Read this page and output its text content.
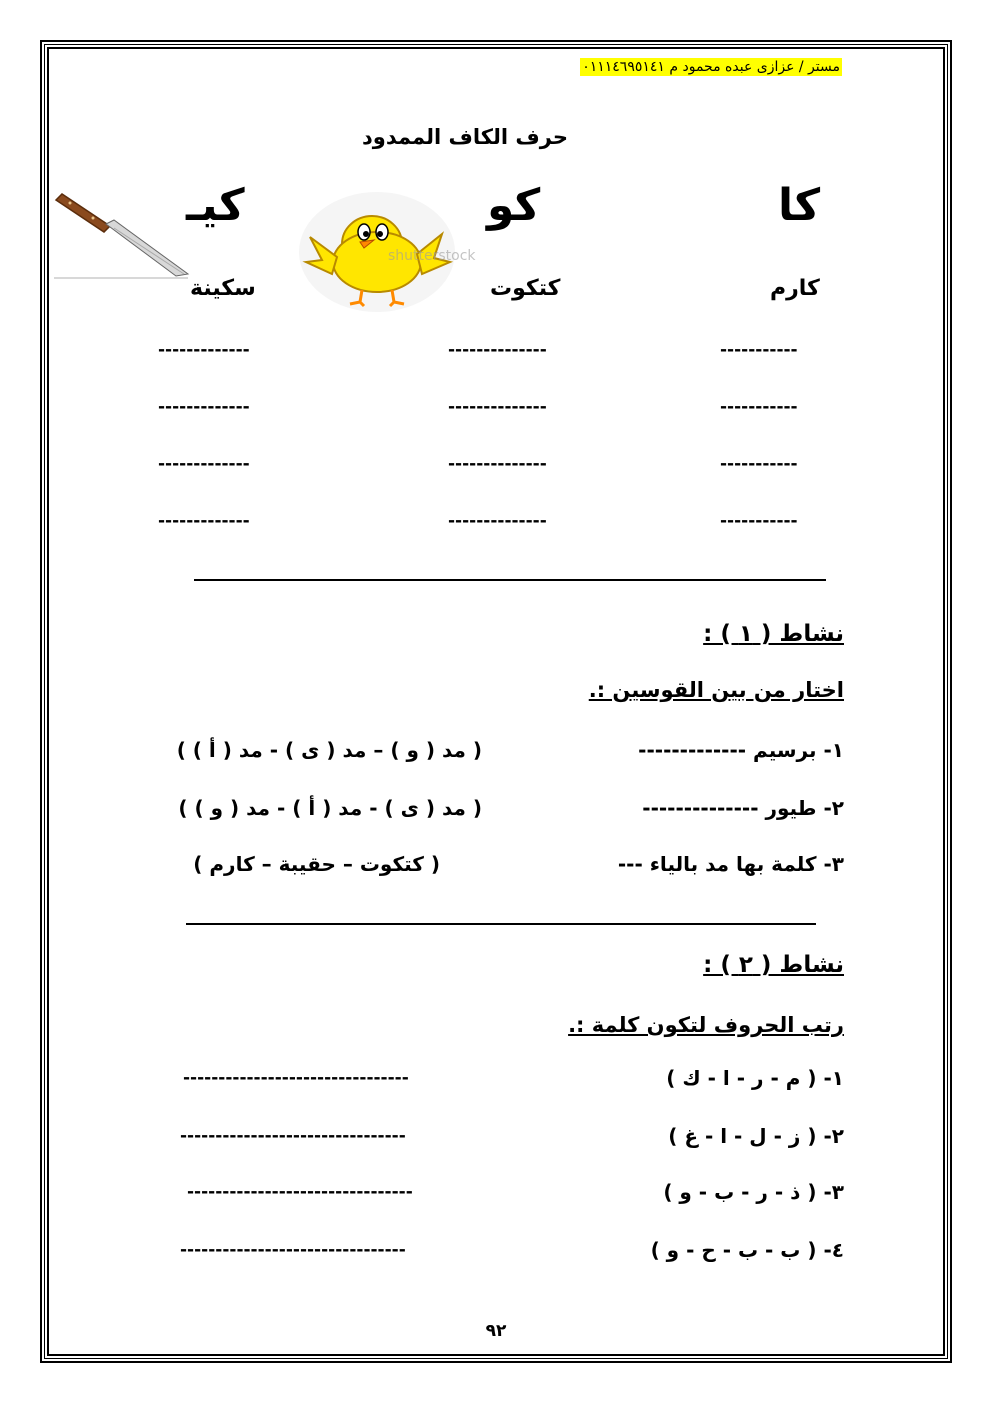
مستر / عزازى عبده محمود م ٠١١١٤٦٩٥١٤١
حرف الكاف الممدود
كا
كو
كيـ
shutterstock
كارم
كتكوت
سكينة
-----------
--------------
-------------
-----------
--------------
-------------
-----------
--------------
-------------
-----------
--------------
-------------
نشاط ( ١ ) :
اختار من بين القوسين :.
١- برسيم -------------
( مد ( و ) – مد ( ى ) - مد ( أ ) )
٢- طيور --------------
( مد ( ى ) - مد ( أ ) - مد ( و ) )
٣- كلمة بها مد بالياء ---
( كتكوت – حقيبة – كارم )
نشاط ( ٢ ) :
رتب الحروف لتكون كلمة :.
١- ( م - ر - ا - ك )
--------------------------------
٢- ( ز - ل - ا - غ )
--------------------------------
٣- ( ذ - ر - ب - و )
--------------------------------
٤- ( ب - ب - ح - و )
--------------------------------
٩٢
